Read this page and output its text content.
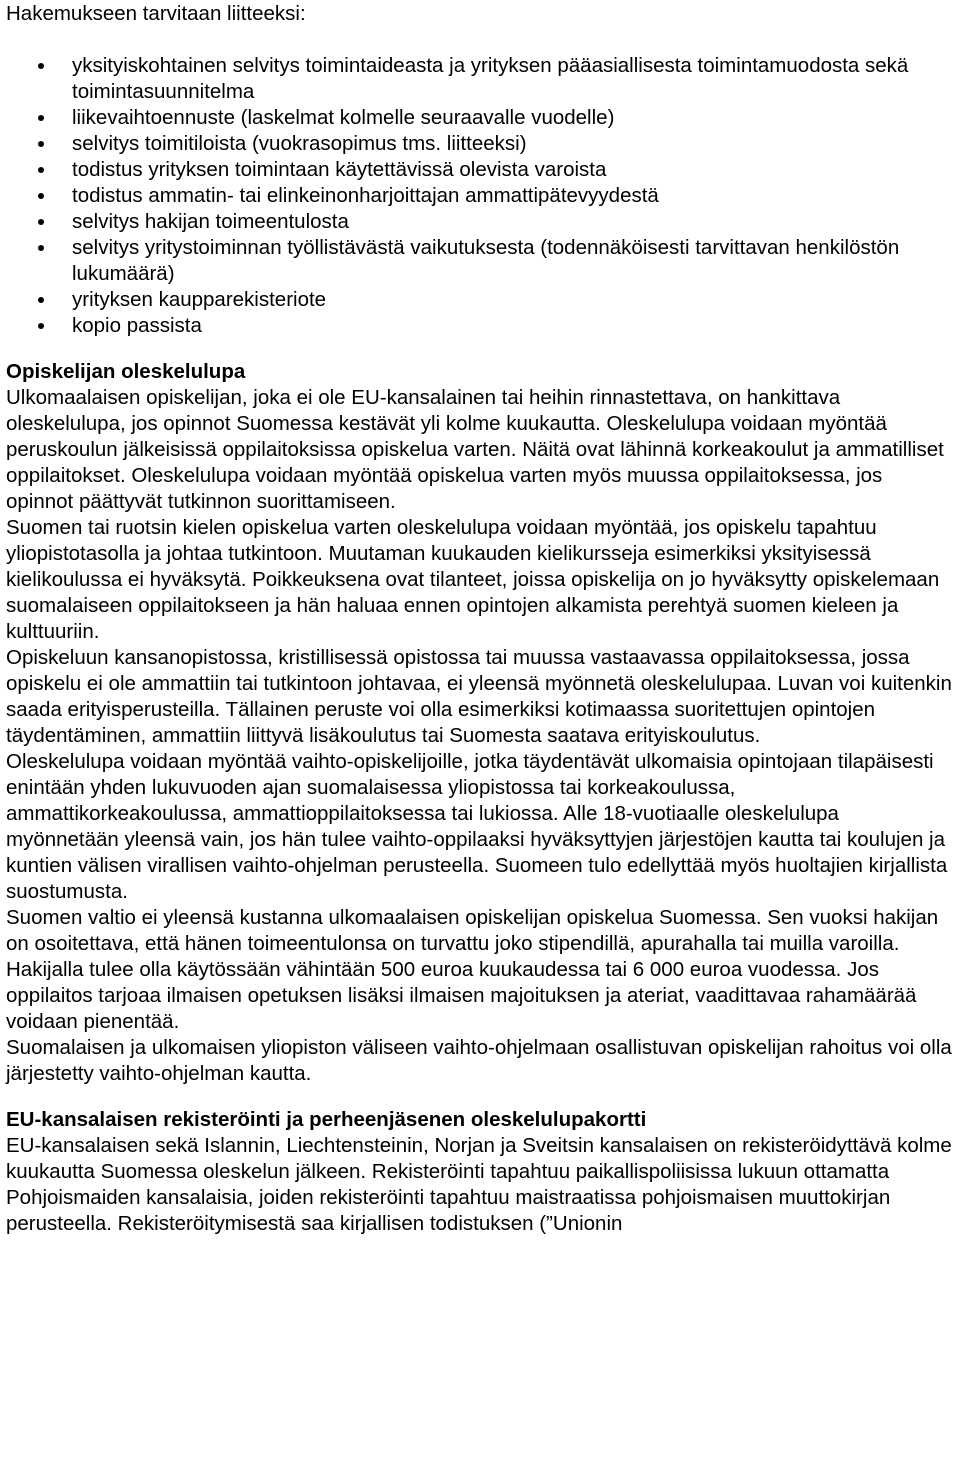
Hakemukseen tarvitaan liitteeksi:

yksityiskohtainen selvitys toimintaideasta ja yrityksen pääasiallisesta toimintamuodosta sekä toimintasuunnitelma
liikevaihtoennuste (laskelmat kolmelle seuraavalle vuodelle)
selvitys toimitiloista (vuokrasopimus tms. liitteeksi)
todistus yrityksen toimintaan käytettävissä olevista varoista
todistus ammatin- tai elinkeinonharjoittajan ammattipätevyydestä
selvitys hakijan toimeentulosta
selvitys yritystoiminnan työllistävästä vaikutuksesta (todennäköisesti tarvittavan henkilöstön lukumäärä)
yrityksen kaupparekisteriote
kopio passista
Opiskelijan oleskelulupa

Ulkomaalaisen opiskelijan, joka ei ole EU-kansalainen tai heihin rinnastettava, on hankittava oleskelulupa, jos opinnot Suomessa kestävät yli kolme kuukautta. Oleskelulupa voidaan myöntää peruskoulun jälkeisissä oppilaitoksissa opiskelua varten. Näitä ovat lähinnä korkeakoulut ja ammatilliset oppilaitokset. Oleskelulupa voidaan myöntää opiskelua varten myös muussa oppilaitoksessa, jos opinnot päättyvät tutkinnon suorittamiseen.

Suomen tai ruotsin kielen opiskelua varten oleskelulupa voidaan myöntää, jos opiskelu tapahtuu yliopistotasolla ja johtaa tutkintoon. Muutaman kuukauden kielikursseja esimerkiksi yksityisessä kielikoulussa ei hyväksytä. Poikkeuksena ovat tilanteet, joissa opiskelija on jo hyväksytty opiskelemaan suomalaiseen oppilaitokseen ja hän haluaa ennen opintojen alkamista perehtyä suomen kieleen ja kulttuuriin.

Opiskeluun kansanopistossa, kristillisessä opistossa tai muussa vastaavassa oppilaitoksessa, jossa opiskelu ei ole ammattiin tai tutkintoon johtavaa, ei yleensä myönnetä oleskelulupaa. Luvan voi kuitenkin saada erityisperusteilla. Tällainen peruste voi olla esimerkiksi kotimaassa suoritettujen opintojen täydentäminen, ammattiin liittyvä lisäkoulutus tai Suomesta saatava erityiskoulutus.

Oleskelulupa voidaan myöntää vaihto-opiskelijoille, jotka täydentävät ulkomaisia opintojaan tilapäisesti enintään yhden lukuvuoden ajan suomalaisessa yliopistossa tai korkeakoulussa, ammattikorkeakoulussa, ammattioppilaitoksessa tai lukiossa. Alle 18-vuotiaalle oleskelulupa myönnetään yleensä vain, jos hän tulee vaihto-oppilaaksi hyväksyttyjen järjestöjen kautta tai koulujen ja kuntien välisen virallisen vaihto-ohjelman perusteella. Suomeen tulo edellyttää myös huoltajien kirjallista suostumusta.

Suomen valtio ei yleensä kustanna ulkomaalaisen opiskelijan opiskelua Suomessa. Sen vuoksi hakijan on osoitettava, että hänen toimeentulonsa on turvattu joko stipendillä, apurahalla tai muilla varoilla. Hakijalla tulee olla käytössään vähintään 500 euroa kuukaudessa tai 6 000 euroa vuodessa. Jos oppilaitos tarjoaa ilmaisen opetuksen lisäksi ilmaisen majoituksen ja ateriat, vaadittavaa rahamäärää voidaan pienentää.

Suomalaisen ja ulkomaisen yliopiston väliseen vaihto-ohjelmaan osallistuvan opiskelijan rahoitus voi olla järjestetty vaihto-ohjelman kautta.

EU-kansalaisen rekisteröinti ja perheenjäsenen oleskelulupakortti

EU-kansalaisen sekä Islannin, Liechtensteinin, Norjan ja Sveitsin kansalaisen on rekisteröidyttävä kolme kuukautta Suomessa oleskelun jälkeen. Rekisteröinti tapahtuu paikallispoliisissa lukuun ottamatta Pohjoismaiden kansalaisia, joiden rekisteröinti tapahtuu maistraatissa pohjoismaisen muuttokirjan perusteella. Rekisteröitymisestä saa kirjallisen todistuksen (”Unionin
